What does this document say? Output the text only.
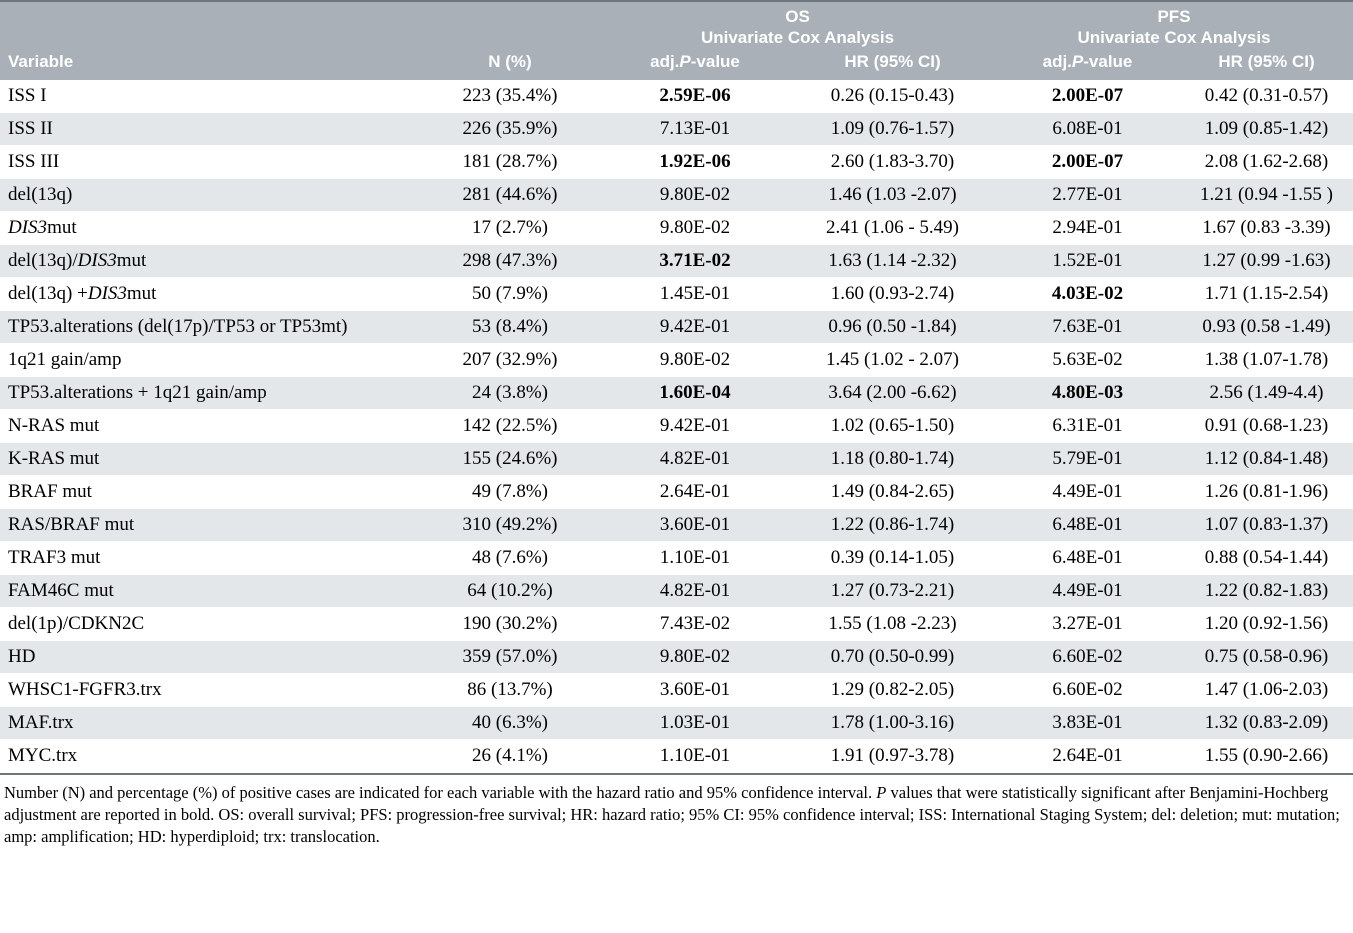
		OS
Univariate Cox Analysis		PFS
Univariate Cox Analysis	

Variable	N (%)	adj.P-value	HR (95% CI)	adj.P-value	HR (95% CI)
ISS I	223 (35.4%)	2.59E-06	0.26 (0.15-0.43)	2.00E-07	0.42 (0.31-0.57)
ISS II	226 (35.9%)	7.13E-01	1.09 (0.76-1.57)	6.08E-01	1.09 (0.85-1.42)
ISS III	181 (28.7%)	1.92E-06	2.60 (1.83-3.70)	2.00E-07	2.08 (1.62-2.68)
del(13q)	281 (44.6%)	9.80E-02	1.46 (1.03 -2.07)	2.77E-01	1.21 (0.94 -1.55 )
DIS3mut	17 (2.7%)	9.80E-02	2.41 (1.06 - 5.49)	2.94E-01	1.67 (0.83 -3.39)
del(13q)/DIS3mut	298 (47.3%)	3.71E-02	1.63 (1.14 -2.32)	1.52E-01	1.27 (0.99 -1.63)
del(13q) +DIS3mut	50 (7.9%)	1.45E-01	1.60 (0.93-2.74)	4.03E-02	1.71 (1.15-2.54)
TP53.alterations (del(17p)/TP53 or TP53mt)	53 (8.4%)	9.42E-01	0.96 (0.50 -1.84)	7.63E-01	0.93 (0.58 -1.49)
1q21 gain/amp	207 (32.9%)	9.80E-02	1.45 (1.02 - 2.07)	5.63E-02	1.38 (1.07-1.78)
TP53.alterations + 1q21 gain/amp	24 (3.8%)	1.60E-04	3.64 (2.00 -6.62)	4.80E-03	2.56 (1.49-4.4)
N-RAS mut	142 (22.5%)	9.42E-01	1.02 (0.65-1.50)	6.31E-01	0.91 (0.68-1.23)
K-RAS mut	155 (24.6%)	4.82E-01	1.18 (0.80-1.74)	5.79E-01	1.12 (0.84-1.48)
BRAF mut	49 (7.8%)	2.64E-01	1.49 (0.84-2.65)	4.49E-01	1.26 (0.81-1.96)
RAS/BRAF mut	310 (49.2%)	3.60E-01	1.22 (0.86-1.74)	6.48E-01	1.07 (0.83-1.37)
TRAF3 mut	48 (7.6%)	1.10E-01	0.39 (0.14-1.05)	6.48E-01	0.88 (0.54-1.44)
FAM46C mut	64 (10.2%)	4.82E-01	1.27 (0.73-2.21)	4.49E-01	1.22 (0.82-1.83)
del(1p)/CDKN2C	190 (30.2%)	7.43E-02	1.55 (1.08 -2.23)	3.27E-01	1.20 (0.92-1.56)
HD	359 (57.0%)	9.80E-02	0.70 (0.50-0.99)	6.60E-02	0.75 (0.58-0.96)
WHSC1-FGFR3.trx	86 (13.7%)	3.60E-01	1.29 (0.82-2.05)	6.60E-02	1.47 (1.06-2.03)
MAF.trx	40 (6.3%)	1.03E-01	1.78 (1.00-3.16)	3.83E-01	1.32 (0.83-2.09)
MYC.trx	26 (4.1%)	1.10E-01	1.91 (0.97-3.78)	2.64E-01	1.55 (0.90-2.66)
Number (N) and percentage (%) of positive cases are indicated for each variable with the hazard ratio and 95% confidence interval. P values that were statistically significant after Benjamini-Hochberg adjustment are reported in bold. OS: overall survival; PFS: progression-free survival; HR: hazard ratio; 95% CI: 95% confidence interval; ISS: International Staging System; del: deletion; mut: mutation; amp: amplification; HD: hyperdiploid; trx: translocation.
